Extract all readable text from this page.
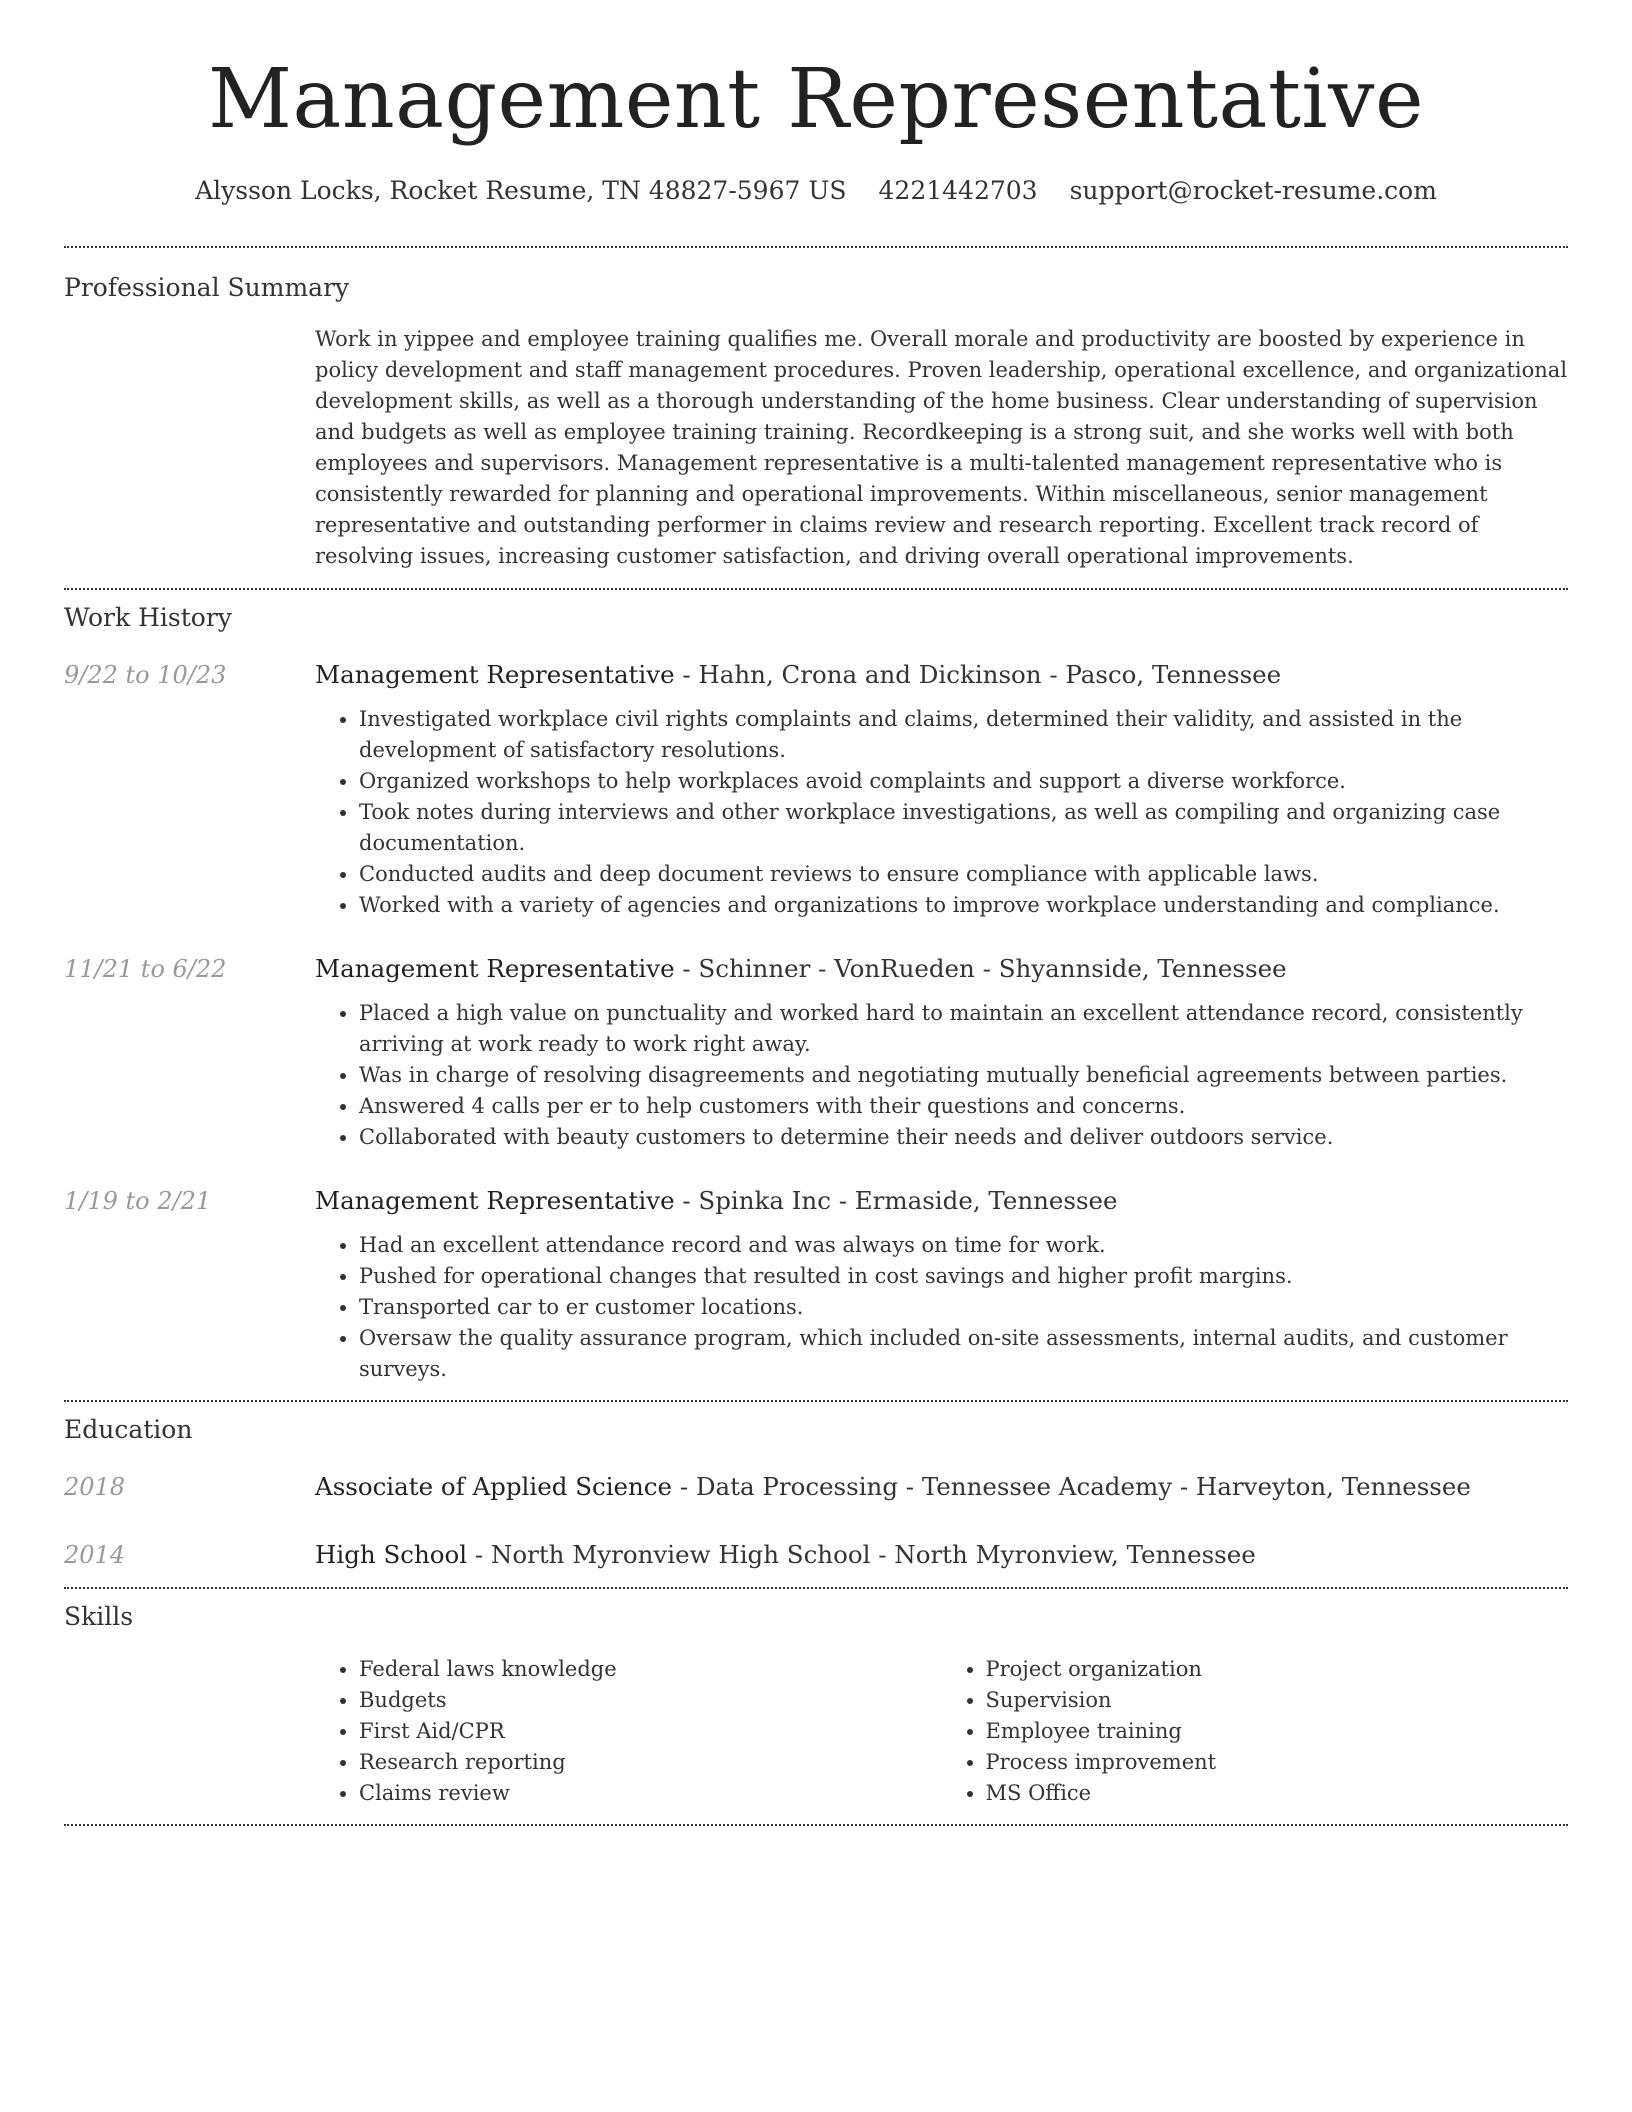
Management Representative
Alysson Locks, Rocket Resume, TN 48827-5967 US 4221442703 support@rocket-resume.com
Professional Summary

Work in yippee and employee training qualifies me. Overall morale and productivity are boosted by experience in policy development and staff management procedures. Proven leadership, operational excellence, and organizational development skills, as well as a thorough understanding of the home business. Clear understanding of supervision and budgets as well as employee training training. Recordkeeping is a strong suit, and she works well with both employees and supervisors. Management representative is a multi-talented management representative who is consistently rewarded for planning and operational improvements. Within miscellaneous, senior management representative and outstanding performer in claims review and research reporting. Excellent track record of resolving issues, increasing customer satisfaction, and driving overall operational improvements.

Work History
9/22 to 10/23	Management Representative - Hahn, Crona and Dickinson - Pasco, Tennessee
• Investigated workplace civil rights complaints and claims, determined their validity, and assisted in the development of satisfactory resolutions.
• Organized workshops to help workplaces avoid complaints and support a diverse workforce.
• Took notes during interviews and other workplace investigations, as well as compiling and organizing case documentation.
• Conducted audits and deep document reviews to ensure compliance with applicable laws.
• Worked with a variety of agencies and organizations to improve workplace understanding and compliance.
11/21 to 6/22	Management Representative - Schinner - VonRueden - Shyannside, Tennessee
• Placed a high value on punctuality and worked hard to maintain an excellent attendance record, consistently arriving at work ready to work right away.
• Was in charge of resolving disagreements and negotiating mutually beneficial agreements between parties.
• Answered 4 calls per er to help customers with their questions and concerns.
• Collaborated with beauty customers to determine their needs and deliver outdoors service.
1/19 to 2/21	Management Representative - Spinka Inc - Ermaside, Tennessee
• Had an excellent attendance record and was always on time for work.
• Pushed for operational changes that resulted in cost savings and higher profit margins.
• Transported car to er customer locations.
• Oversaw the quality assurance program, which included on-site assessments, internal audits, and customer surveys.
Education
2018	Associate of Applied Science - Data Processing - Tennessee Academy - Harveyton, Tennessee
2014	High School - North Myronview High School - North Myronview, Tennessee
Skills
• Federal laws knowledge
• Budgets
• First Aid/CPR
• Research reporting
• Claims review
• Project organization
• Supervision
• Employee training
• Process improvement
• MS Office
